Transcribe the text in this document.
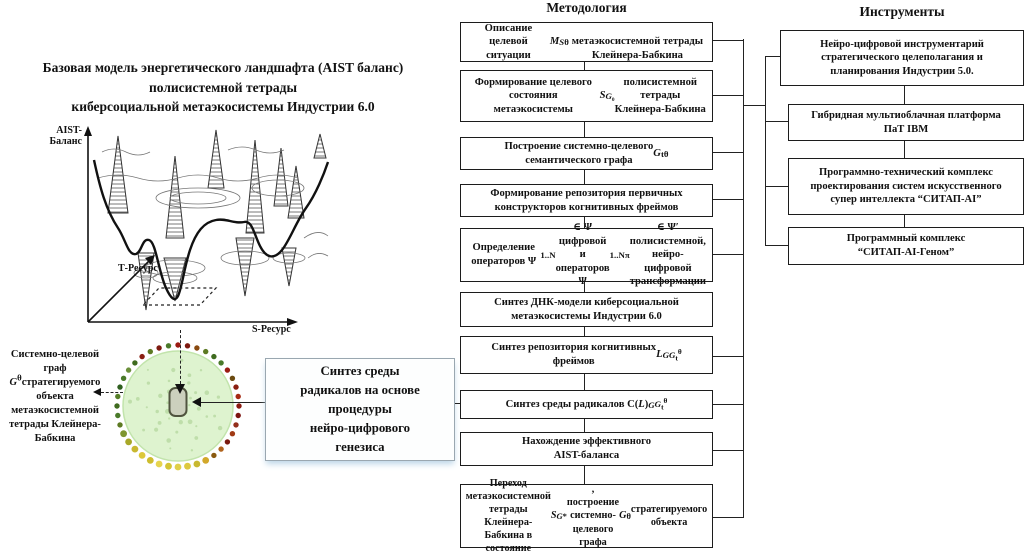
Базовая модель энергетического ландшафта (AIST баланс)
полисистемной тетрады
киберсоциальной метаэкосистемы Индустрии 6.0
AIST-
Баланс
Т-Ресурс
S-Ресурс
Системно-целевой
граф
$G^\theta стратегируемого$
объекта
метаэкосистемной
тетрады Клейнера-
Бабкина
Синтез среды
радикалов на основе
процедуры
нейро-цифрового
генезиса
Методология
Описание целевой ситуации
M Sθ метаэкосистемной тетрады Клейнера-Бабкина
Формирование целевого состояния
метаэкосистемы
S G₀
полисистемной тетрады
Клейнера-Бабкина
Построение системно-целевого
семантического графа
G t θ
Формирование репозитория первичных
конструкторов когнитивных фреймов
Определение операторов Ψ
1..N
∈ Ψ цифровой и
операторов Ψ
1..N π
∈ Ψ′ полисистемной, нейро-
цифровой трансформации
Синтез ДНК-модели киберсоциальной
метаэкосистемы Индустрии 6.0
Синтез репозитория когнитивных
фреймов
L G $G_t^\theta$
Синтез среды радикалов C( L ) G $G_t^\theta$
Нахождение эффективного
AIST-баланса
Переход метаэкосистемной тетрады Клейнера-
Бабкина в состояние
S G*
,
построение системно-целевого графа

G θ
стратегируемого объекта
Инструменты
Нейро-цифровой инструментарий
стратегического целеполагания и
планирования Индустрии 5.0.
Гибридная мультиоблачная платформа
ПаТ IBM
Программно-технический комплекс
проектирования систем искусственного
супер интеллекта “СИТАП-AI”
Программный комплекс
“СИТАП-AI-Геном”
